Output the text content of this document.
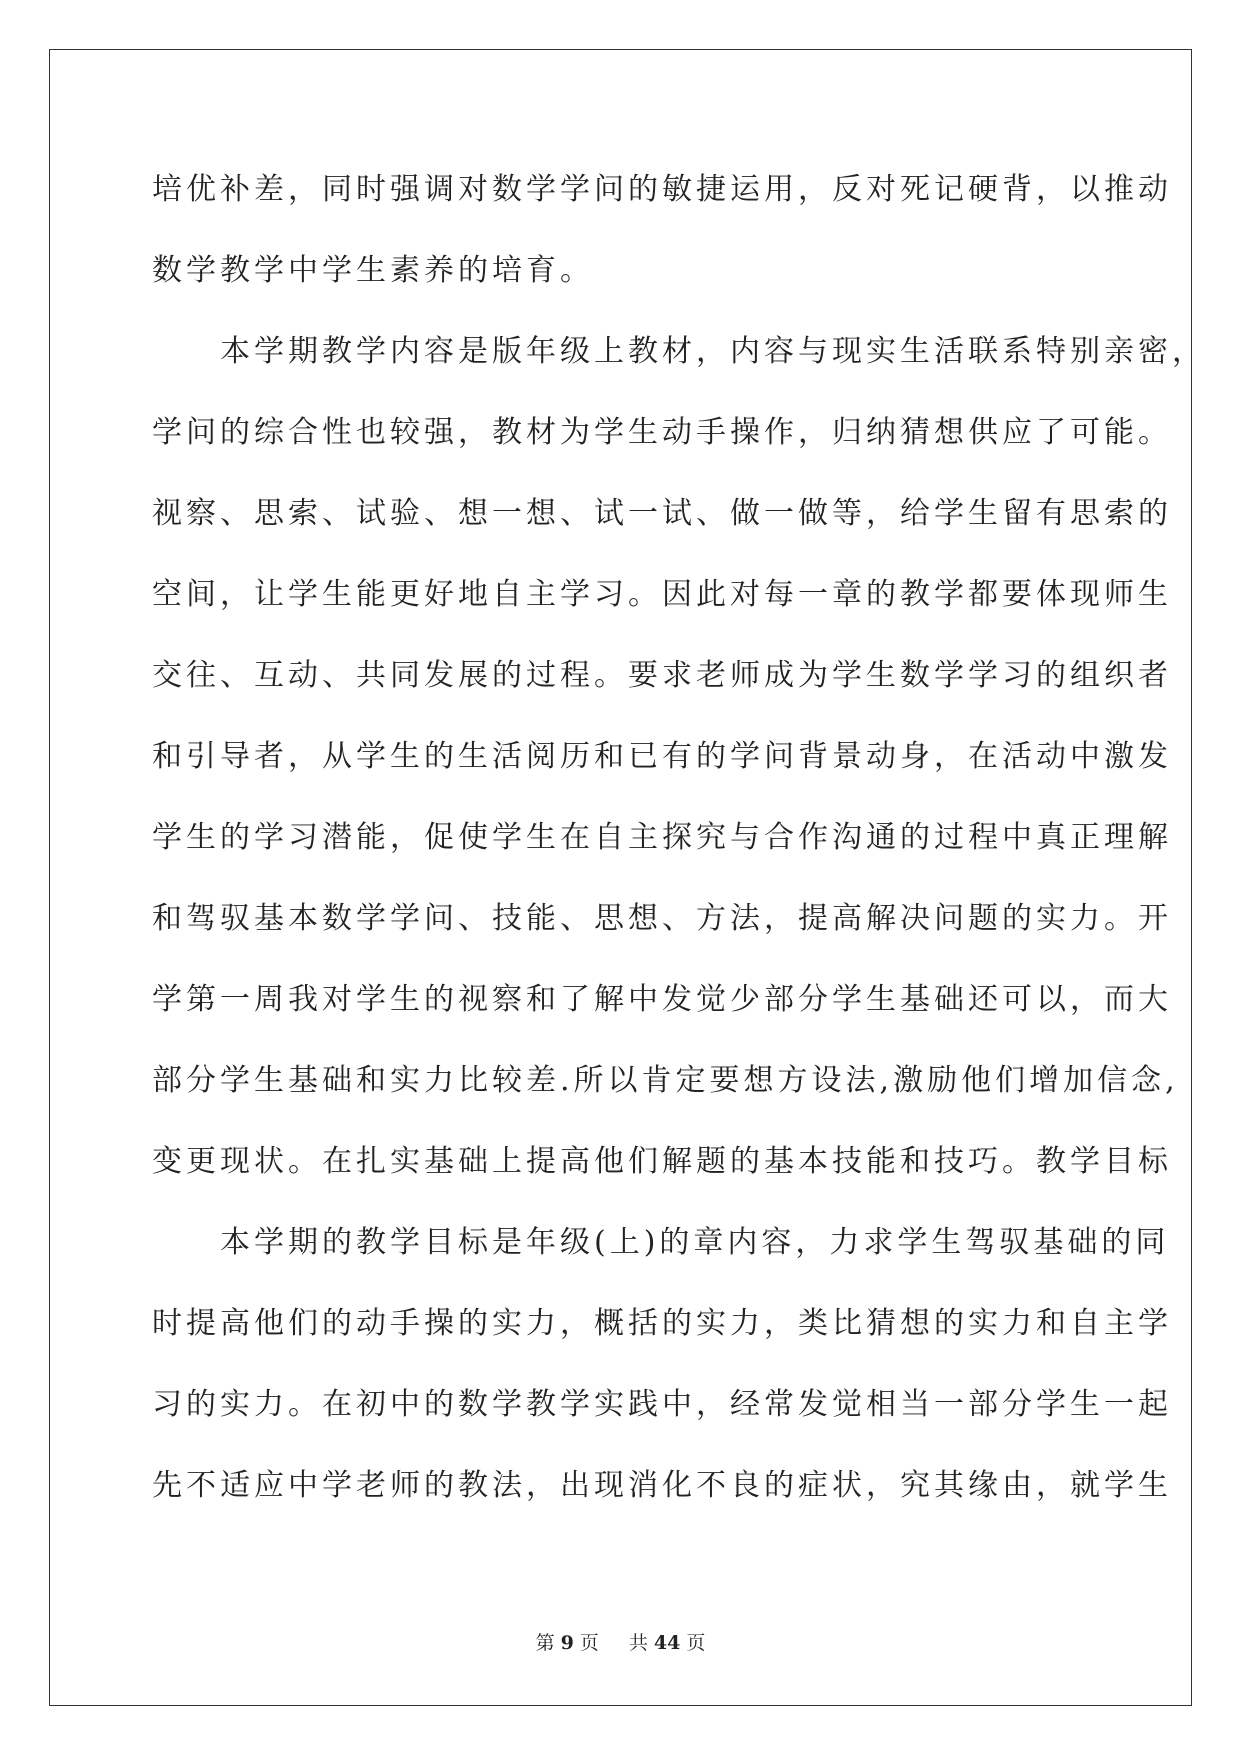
培优补差，同时强调对数学学问的敏捷运用，反对死记硬背，以推动
数学教学中学生素养的培育。
　　本学期教学内容是版年级上教材，内容与现实生活联系特别亲密，
学问的综合性也较强，教材为学生动手操作，归纳猜想供应了可能。
视察、思索、试验、想一想、试一试、做一做等，给学生留有思索的
空间，让学生能更好地自主学习。因此对每一章的教学都要体现师生
交往、互动、共同发展的过程。要求老师成为学生数学学习的组织者
和引导者，从学生的生活阅历和已有的学问背景动身，在活动中激发
学生的学习潜能，促使学生在自主探究与合作沟通的过程中真正理解
和驾驭基本数学学问、技能、思想、方法，提高解决问题的实力。开
学第一周我对学生的视察和了解中发觉少部分学生基础还可以，而大
部分学生基础和实力比较差.所以肯定要想方设法,激励他们增加信念,
变更现状。在扎实基础上提高他们解题的基本技能和技巧。教学目标
　　本学期的教学目标是年级(上)的章内容，力求学生驾驭基础的同
时提高他们的动手操的实力，概括的实力，类比猜想的实力和自主学
习的实力。在初中的数学教学实践中，经常发觉相当一部分学生一起
先不适应中学老师的教法，出现消化不良的症状，究其缘由，就学生
第 9 页 共 44 页
